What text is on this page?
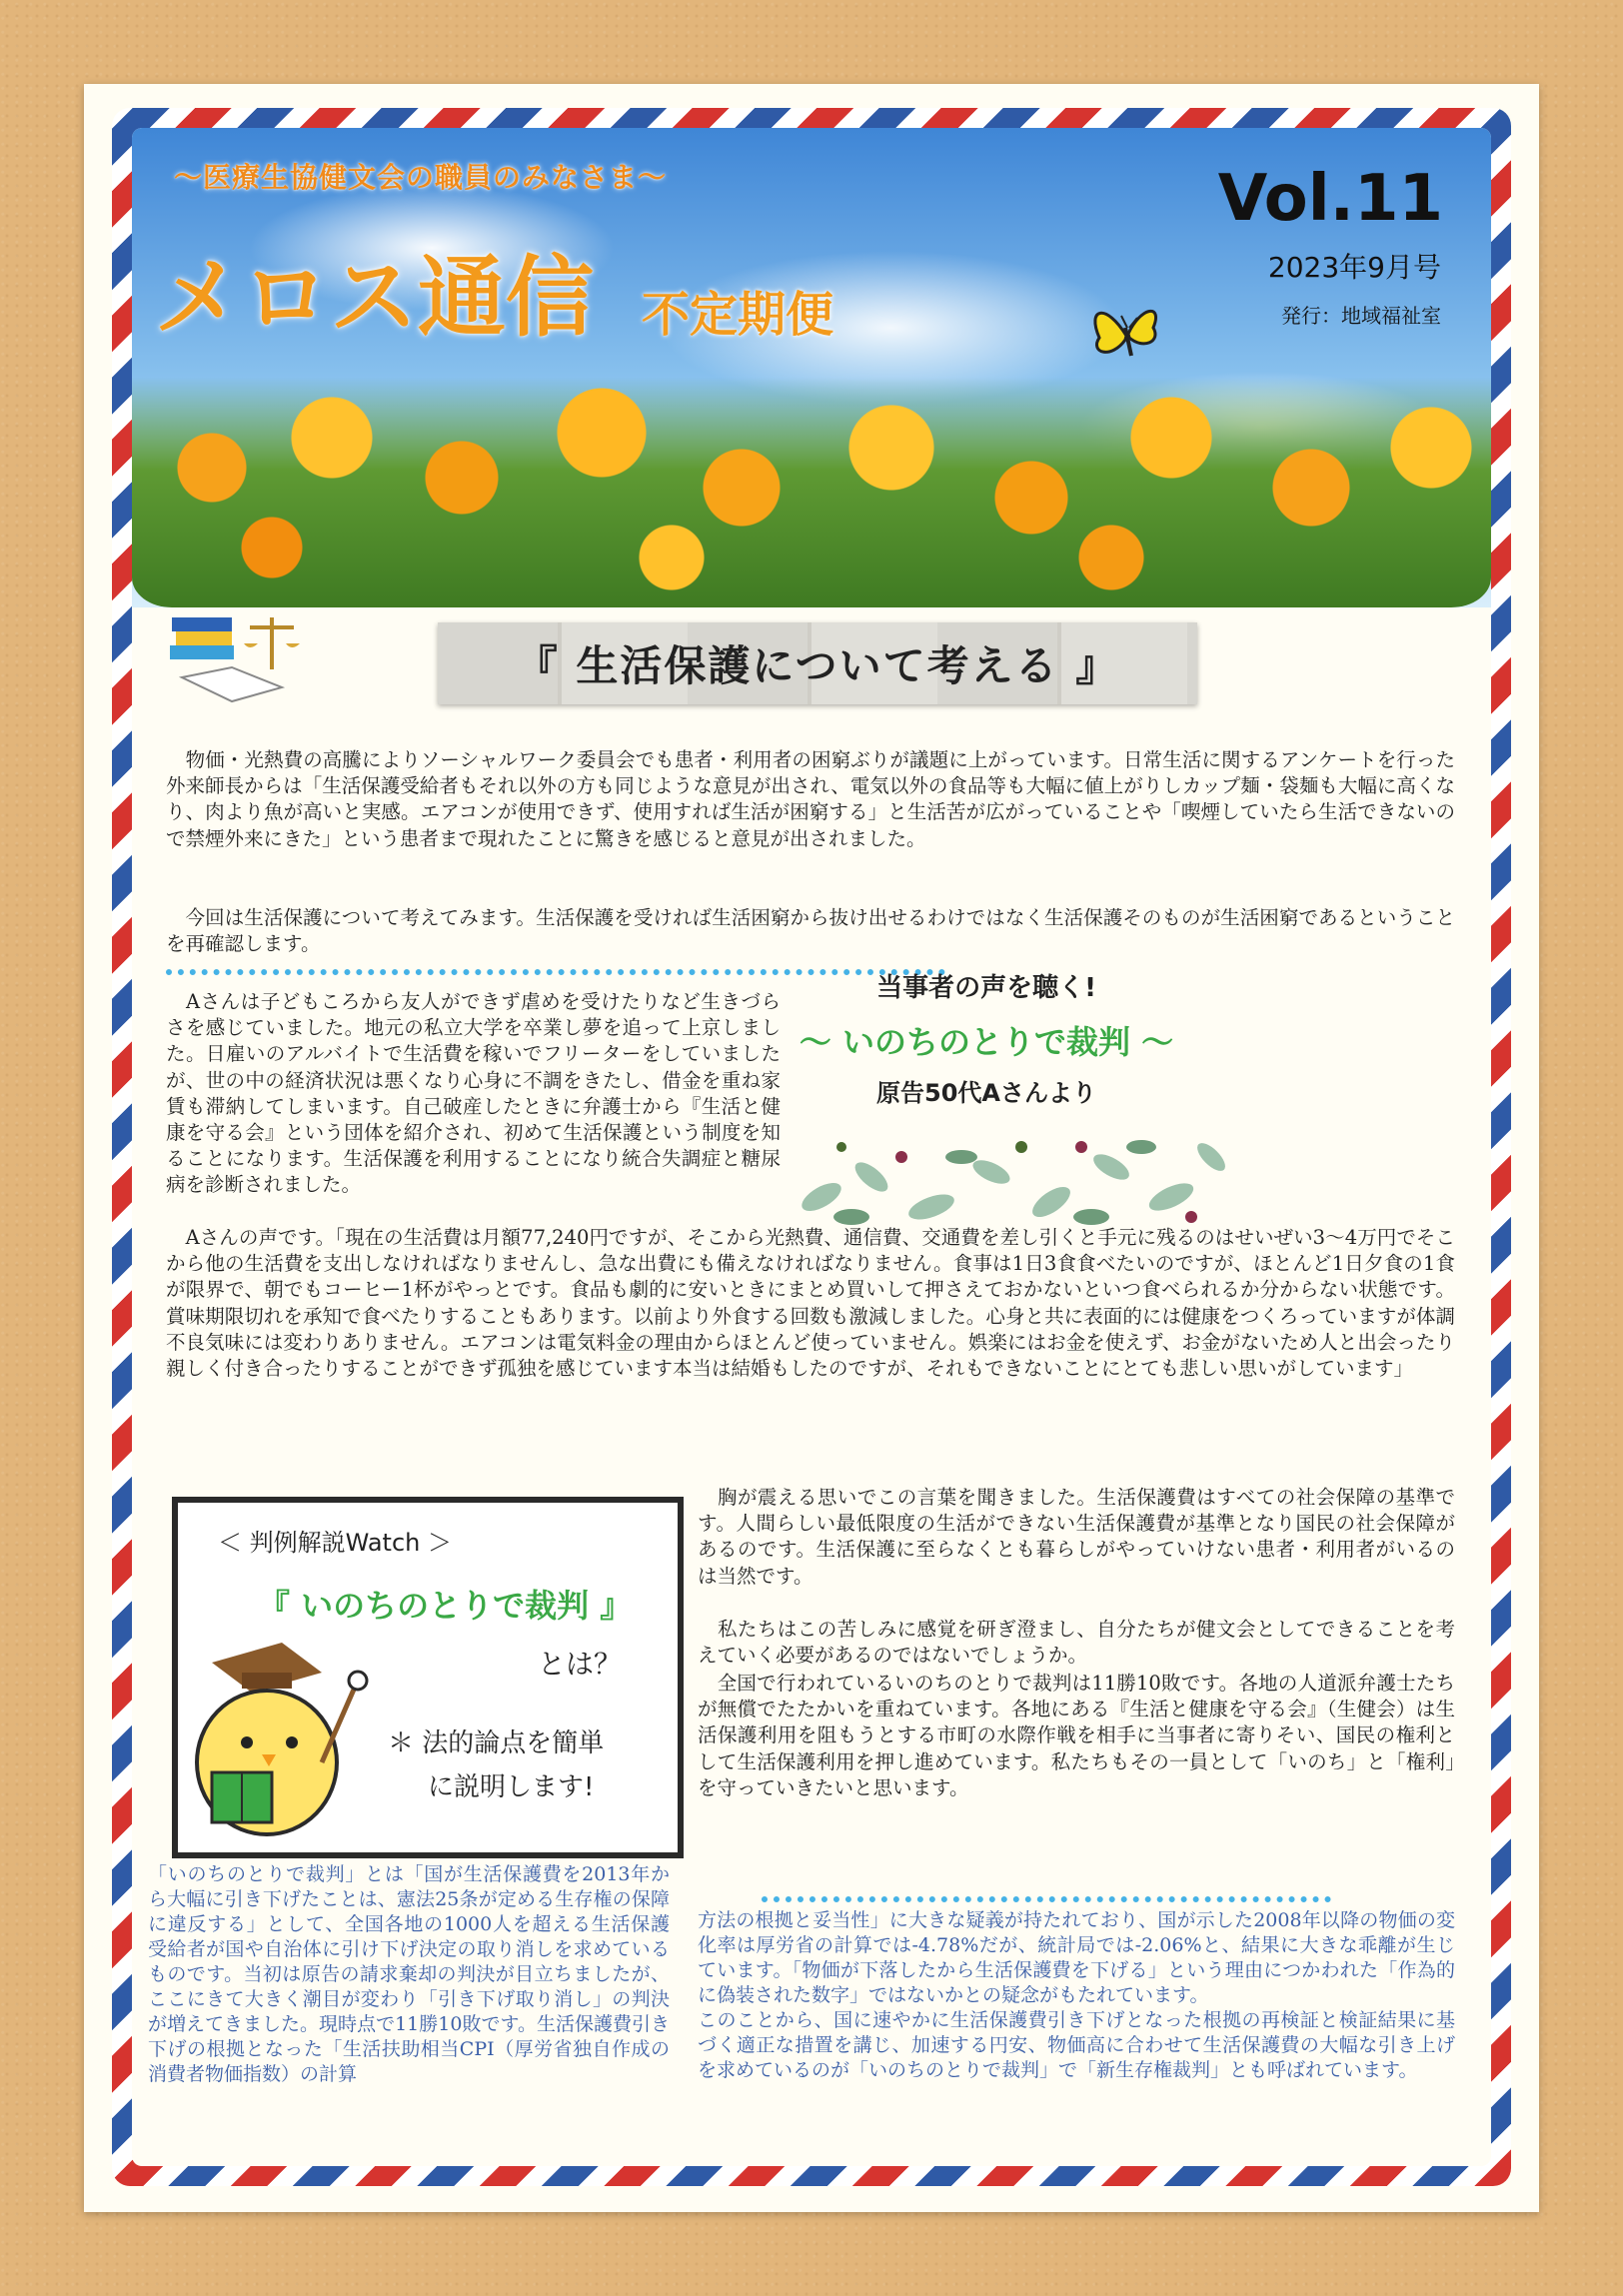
～医療生協健文会の職員のみなさま～
メロス通信 不定期便
Vol.11
2023年9月号
発行：地域福祉室
『 生活保護について考える 』

　物価・光熱費の高騰によりソーシャルワーク委員会でも患者・利用者の困窮ぶりが議題に上がっています。日常生活に関するアンケートを行った外来師長からは「生活保護受給者もそれ以外の方も同じような意見が出され、電気以外の食品等も大幅に値上がりしカップ麺・袋麺も大幅に高くなり、肉より魚が高いと実感。エアコンが使用できず、使用すれば生活が困窮する」と生活苦が広がっていることや「喫煙していたら生活できないので禁煙外来にきた」という患者まで現れたことに驚きを感じると意見が出されました。

　今回は生活保護について考えてみます。生活保護を受ければ生活困窮から抜け出せるわけではなく生活保護そのものが生活困窮であるということを再確認します。

当事者の声を聴く!
～ いのちのとりで裁判 ～
原告50代Aさんより

　Aさんは子どもころから友人ができず虐めを受けたりなど生きづらさを感じていました。地元の私立大学を卒業し夢を追って上京しました。日雇いのアルバイトで生活費を稼いでフリーターをしていましたが、世の中の経済状況は悪くなり心身に不調をきたし、借金を重ね家賃も滞納してしまいます。自己破産したときに弁護士から『生活と健康を守る会』という団体を紹介され、初めて生活保護という制度を知ることになります。生活保護を利用することになり統合失調症と糖尿病を診断されました。

　Aさんの声です。「現在の生活費は月額77,240円ですが、そこから光熱費、通信費、交通費を差し引くと手元に残るのはせいぜい3～4万円でそこから他の生活費を支出しなければなりませんし、急な出費にも備えなければなりません。食事は1日3食食べたいのですが、ほとんど1日夕食の1食が限界で、朝でもコーヒー1杯がやっとです。食品も劇的に安いときにまとめ買いして押さえておかないといつ食べられるか分からない状態です。賞味期限切れを承知で食べたりすることもあります。以前より外食する回数も激減しました。心身と共に表面的には健康をつくろっていますが体調不良気味には変わりありません。エアコンは電気料金の理由からほとんど使っていません。娯楽にはお金を使えず、お金がないため人と出会ったり親しく付き合ったりすることができず孤独を感じています本当は結婚もしたのですが、それもできないことにとても悲しい思いがしています」

＜ 判例解説Watch ＞
『 いのちのとりで裁判 』
とは？
＊ 法的論点を簡単
に説明します!

　胸が震える思いでこの言葉を聞きました。生活保護費はすべての社会保障の基準です。人間らしい最低限度の生活ができない生活保護費が基準となり国民の社会保障があるのです。生活保護に至らなくとも暮らしがやっていけない患者・利用者がいるのは当然です。

　私たちはこの苦しみに感覚を研ぎ澄まし、自分たちが健文会としてできることを考えていく必要があるのではないでしょうか。

　全国で行われているいのちのとりで裁判は11勝10敗です。各地の人道派弁護士たちが無償でたたかいを重ねています。各地にある『生活と健康を守る会』（生健会）は生活保護利用を阻もうとする市町の水際作戦を相手に当事者に寄りそい、国民の権利として生活保護利用を押し進めています。私たちもその一員として「いのち」と「権利」を守っていきたいと思います。

「いのちのとりで裁判」とは「国が生活保護費を2013年から大幅に引き下げたことは、憲法25条が定める生存権の保障に違反する」として、全国各地の1000人を超える生活保護受給者が国や自治体に引け下げ決定の取り消しを求めているものです。当初は原告の請求棄却の判決が目立ちましたが、ここにきて大きく潮目が変わり「引き下げ取り消し」の判決が増えてきました。現時点で11勝10敗です。生活保護費引き下げの根拠となった「生活扶助相当CPI（厚労省独自作成の消費者物価指数）の計算

方法の根拠と妥当性」に大きな疑義が持たれており、国が示した2008年以降の物価の変化率は厚労省の計算では-4.78%だが、統計局では-2.06%と、結果に大きな乖離が生じています。「物価が下落したから生活保護費を下げる」という理由につかわれた「作為的に偽装された数字」ではないかとの疑念がもたれています。

このことから、国に速やかに生活保護費引き下げとなった根拠の再検証と検証結果に基づく適正な措置を講じ、加速する円安、物価高に合わせて生活保護費の大幅な引き上げを求めているのが「いのちのとりで裁判」で「新生存権裁判」とも呼ばれています。
